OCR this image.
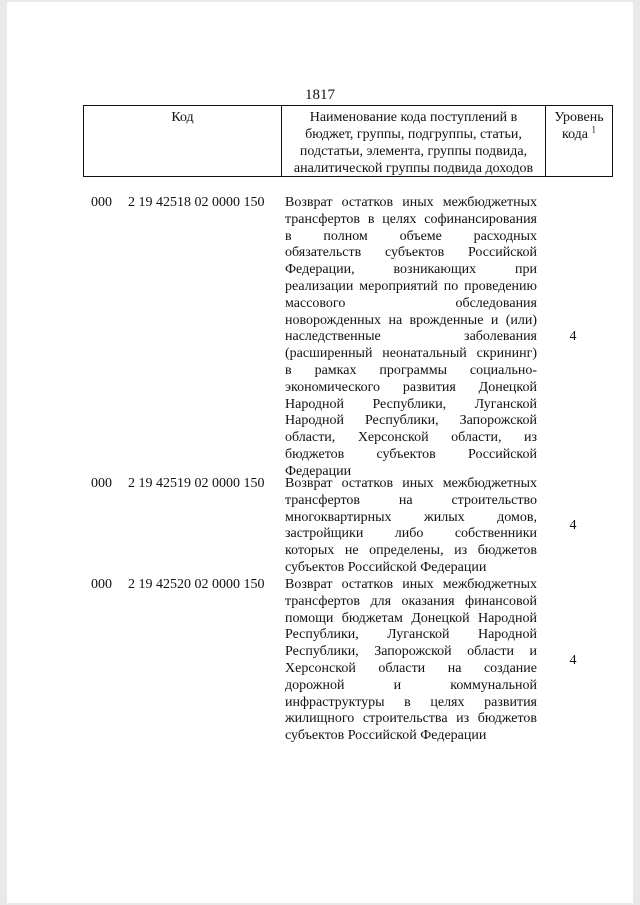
1817
Код	Наименование кода поступлений в
бюджет, группы, подгруппы, статьи,
подстатьи, элемента, группы подвида,
аналитической группы подвида доходов
Уровень
кода $^1$
000 2 19 42518 02 0000 150 Возврат остатков иных межбюджетных
трансфертов в целях софинансирования
в полном объеме расходных
обязательств субъектов Российской
Федерации, возникающих при
реализации мероприятий по проведению
массового обследования
новорожденных на врожденные и (или)
наследственные заболевания
(расширенный неонатальный скрининг)
в рамках программы социально-
экономического развития Донецкой
Народной Республики, Луганской
Народной Республики, Запорожской
области, Херсонской области, из
бюджетов субъектов Российской
Федерации
4
000 2 19 42519 02 0000 150 Возврат остатков иных межбюджетных
трансфертов на строительство
многоквартирных жилых домов,
застройщики либо собственники
которых не определены, из бюджетов
субъектов Российской Федерации
4
000 2 19 42520 02 0000 150 Возврат остатков иных межбюджетных
трансфертов для оказания финансовой
помощи бюджетам Донецкой Народной
Республики, Луганской Народной
Республики, Запорожской области и
Херсонской области на создание
дорожной и коммунальной
инфраструктуры в целях развития
жилищного строительства из бюджетов
субъектов Российской Федерации
4
